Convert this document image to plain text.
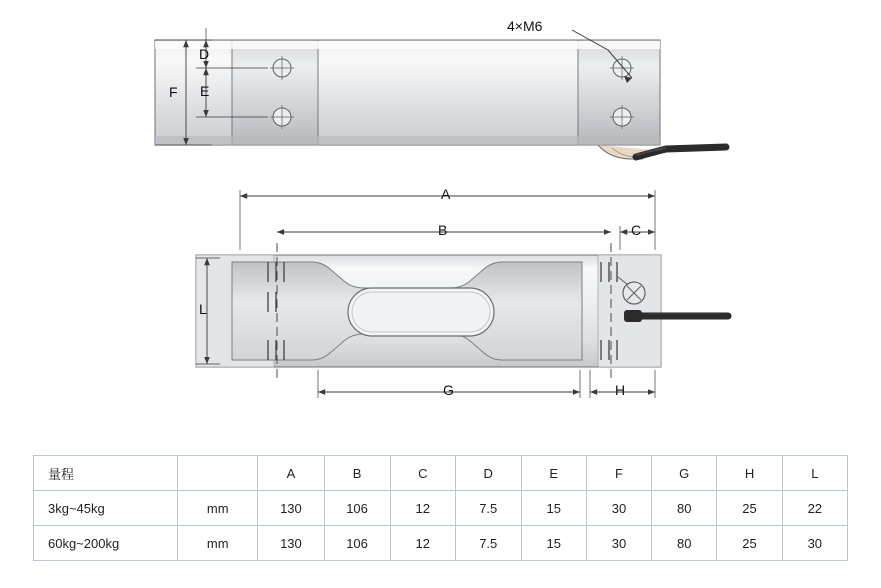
4×M6
F
D
E
A
B	C
L
G	H
量程		A	B	C	D	E	F	G	H	L
3kg~45kg	mm	130	106	12	7.5	15	30	80	25	22
60kg~200kg	mm	130	106	12	7.5	15	30	80	25	30
